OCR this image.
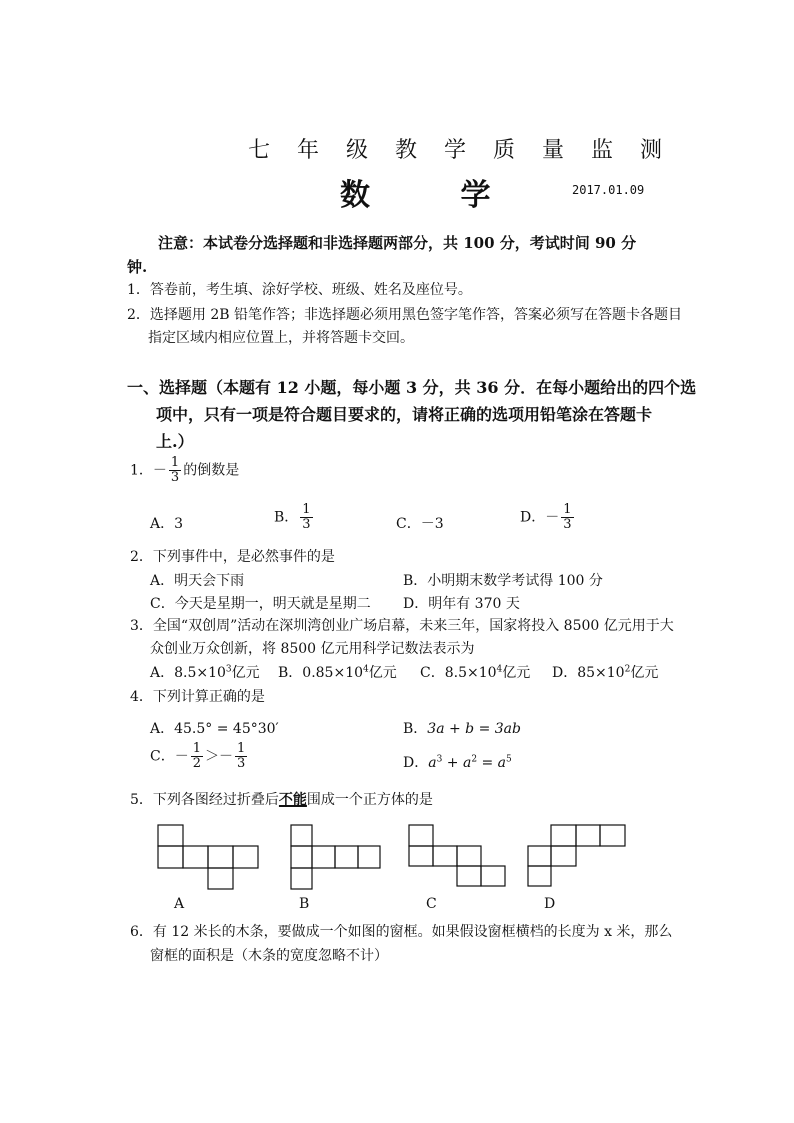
七 年 级 教 学 质 量 监 测
数 学	2017.01.09
注意：本试卷分选择题和非选择题两部分，共 100 分，考试时间 90 分
钟.
1．答卷前，考生填、涂好学校、班级、姓名及座位号。
2．选择题用 2B 铅笔作答；非选择题必须用黑色签字笔作答，答案必须写在答题卡各题目
指定区域内相应位置上，并将答题卡交回。
一、选择题（本题有 12 小题，每小题 3 分，共 36 分．在每小题给出的四个选
项中，只有一项是符合题目要求的，请将正确的选项用铅笔涂在答题卡
上.）
1．－ $\frac{1}{3}$ 的倒数是
A．3	B． $\frac{1}{3}$	C．－3	D．－ $\frac{1}{3}$
2．下列事件中，是必然事件的是
A．明天会下雨	B．小明期末数学考试得 100 分
C．今天是星期一，明天就是星期二 D．明年有 370 天
3．全国“双创周”活动在深圳湾创业广场启幕，未来三年，国家将投入 8500 亿元用于大
众创业万众创新，将 8500 亿元用科学记数法表示为
A．$8.5\times 10^3$亿元 B．$0.85\times 10^4$亿元 C．$8.5\times 10^4$亿元 D．$85\times 10^2$亿元
4．下列计算正确的是
A．45.5° = 45°30′	B．3a + b = 3ab
C．－ $\frac{1}{2} >- \frac{1}{3}$	D．$a^3 + a^2 = a^5$
5．下列各图经过折叠后不能围成一个正方体的是
A	B	C	D
6．有 12 米长的木条，要做成一个如图的窗框。如果假设窗框横档的长度为 x 米，那么
窗框的面积是（木条的宽度忽略不计）
